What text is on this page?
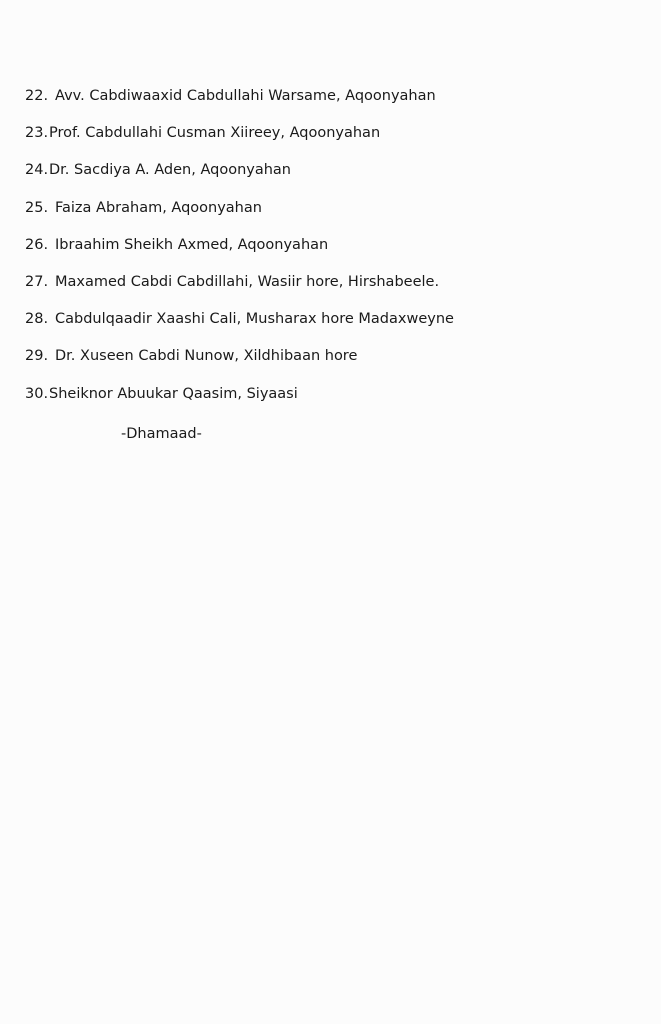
22. Avv. Cabdiwaaxid Cabdullahi Warsame, Aqoonyahan
23. Prof. Cabdullahi Cusman Xiireey, Aqoonyahan
24. Dr. Sacdiya A. Aden, Aqoonyahan
25. Faiza Abraham, Aqoonyahan
26. Ibraahim Sheikh Axmed, Aqoonyahan
27. Maxamed Cabdi Cabdillahi, Wasiir hore, Hirshabeele.
28. Cabdulqaadir Xaashi Cali, Musharax hore Madaxweyne
29. Dr. Xuseen Cabdi Nunow, Xildhibaan hore
30. Sheiknor Abuukar Qaasim, Siyaasi
-Dhamaad-
